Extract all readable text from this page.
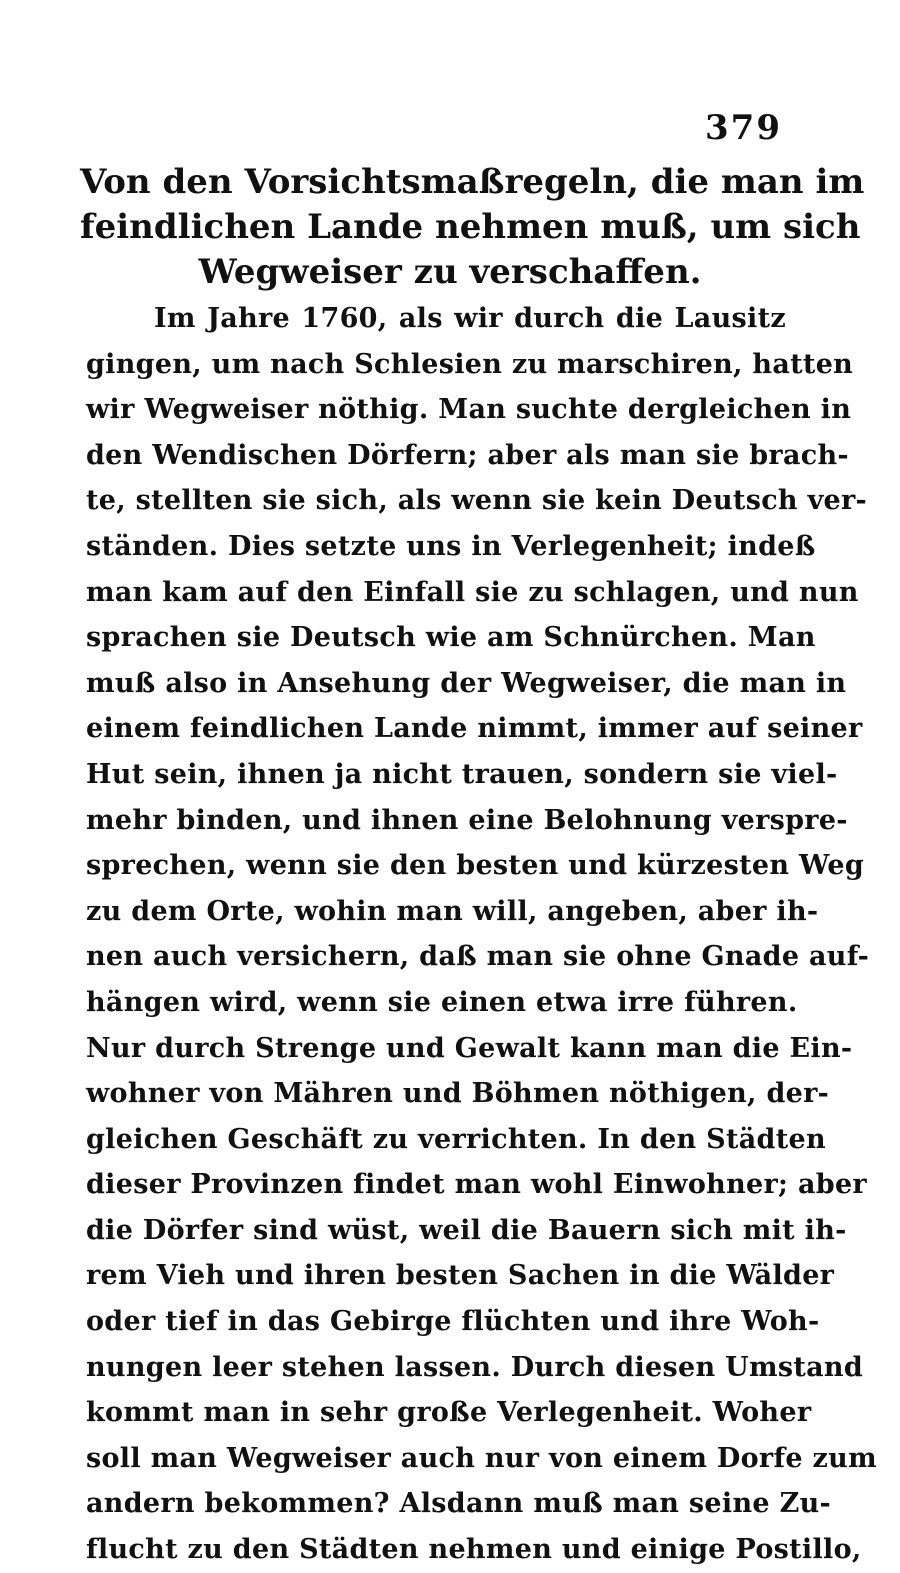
379
Von den Vorsichtsmaßregeln, die man im
feindlichen Lande nehmen muß, um sich
Wegweiser zu verschaffen.
Im Jahre 1760, als wir durch die Lausitz
gingen, um nach Schlesien zu marschiren, hatten
wir Wegweiser nöthig. Man suchte dergleichen in
den Wendischen Dörfern; aber als man sie brach-
te, stellten sie sich, als wenn sie kein Deutsch ver-
ständen. Dies setzte uns in Verlegenheit; indeß
man kam auf den Einfall sie zu schlagen, und nun
sprachen sie Deutsch wie am Schnürchen. Man
muß also in Ansehung der Wegweiser, die man in
einem feindlichen Lande nimmt, immer auf seiner
Hut sein, ihnen ja nicht trauen, sondern sie viel-
mehr binden, und ihnen eine Belohnung verspre-
sprechen, wenn sie den besten und kürzesten Weg
zu dem Orte, wohin man will, angeben, aber ih-
nen auch versichern, daß man sie ohne Gnade auf-
hängen wird, wenn sie einen etwa irre führen.
Nur durch Strenge und Gewalt kann man die Ein-
wohner von Mähren und Böhmen nöthigen, der-
gleichen Geschäft zu verrichten. In den Städten
dieser Provinzen findet man wohl Einwohner; aber
die Dörfer sind wüst, weil die Bauern sich mit ih-
rem Vieh und ihren besten Sachen in die Wälder
oder tief in das Gebirge flüchten und ihre Woh-
nungen leer stehen lassen. Durch diesen Umstand
kommt man in sehr große Verlegenheit. Woher
soll man Wegweiser auch nur von einem Dorfe zum
andern bekommen? Alsdann muß man seine Zu-
flucht zu den Städten nehmen und einige Postillo,
